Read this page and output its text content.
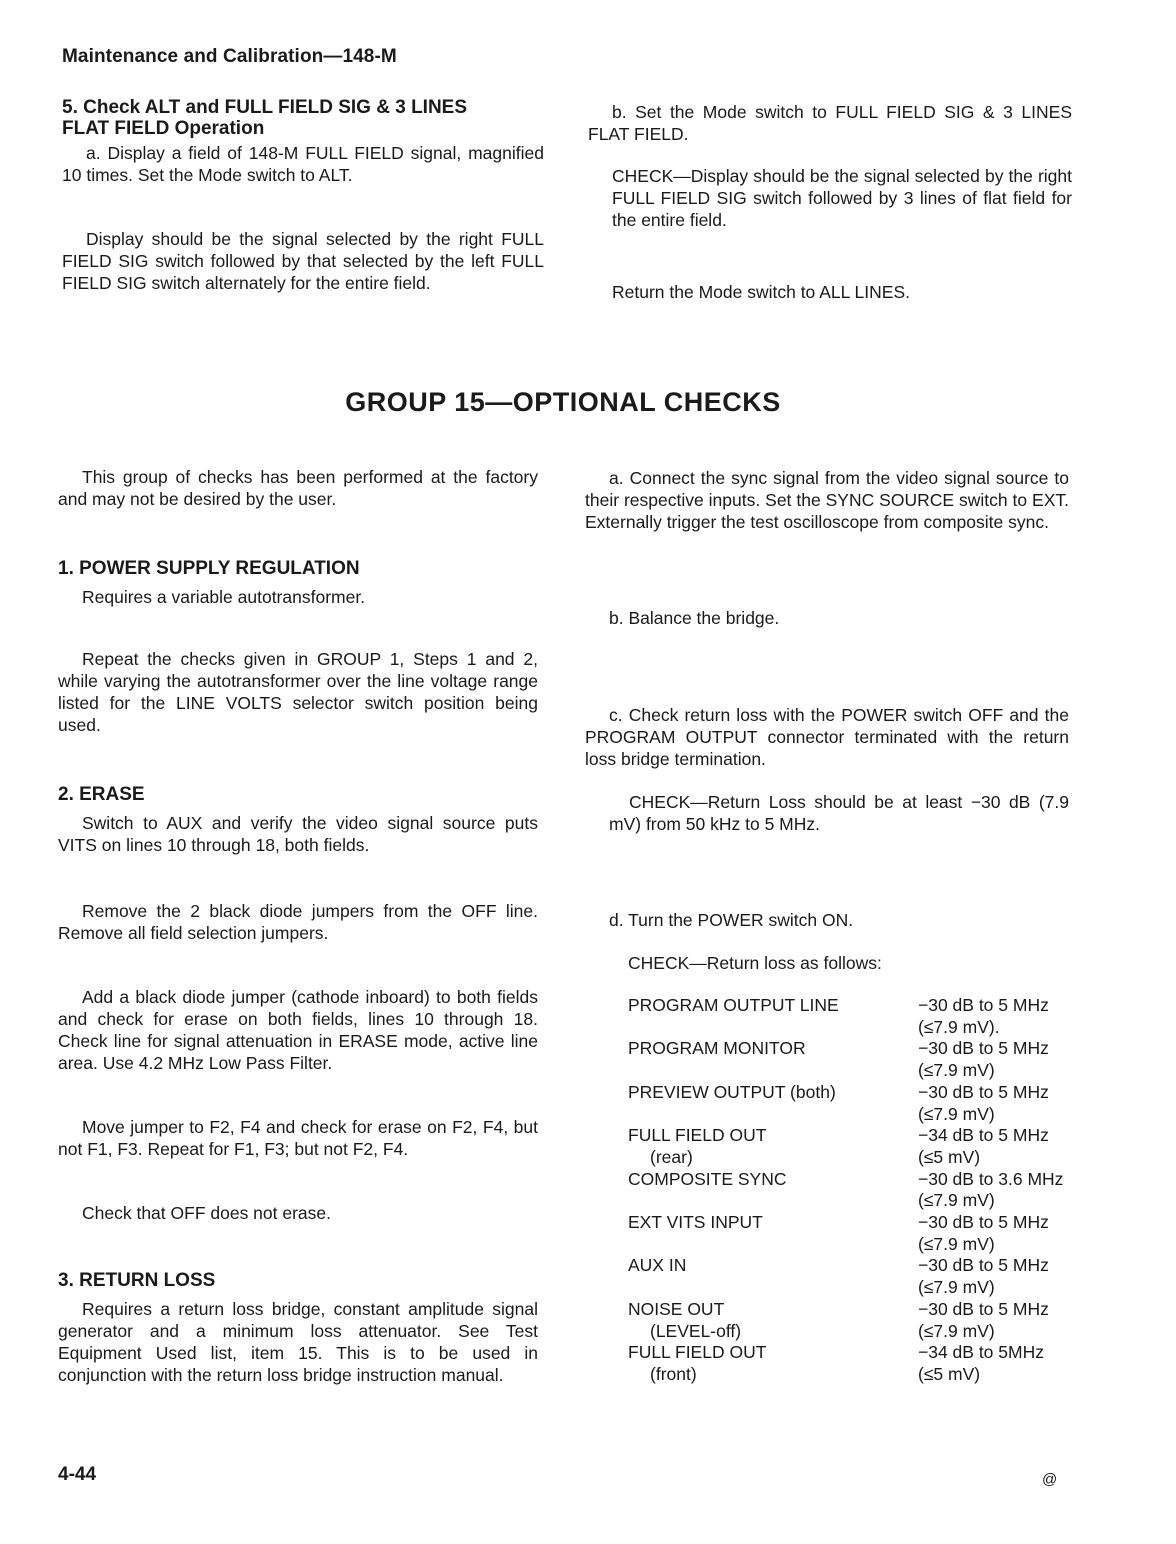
Maintenance and Calibration—148-M
5. Check ALT and FULL FIELD SIG & 3 LINES
FLAT FIELD Operation

a. Display a field of 148-M FULL FIELD signal, magnified 10 times. Set the Mode switch to ALT.

Display should be the signal selected by the right FULL FIELD SIG switch followed by that selected by the left FULL FIELD SIG switch alternately for the entire field.

b. Set the Mode switch to FULL FIELD SIG & 3 LINES FLAT FIELD.

CHECK—Display should be the signal selected by the right FULL FIELD SIG switch followed by 3 lines of flat field for the entire field.

Return the Mode switch to ALL LINES.

GROUP 15—OPTIONAL CHECKS

This group of checks has been performed at the factory and may not be desired by the user.

1. POWER SUPPLY REGULATION

Requires a variable autotransformer.

Repeat the checks given in GROUP 1, Steps 1 and 2, while varying the autotransformer over the line voltage range listed for the LINE VOLTS selector switch position being used.

2. ERASE

Switch to AUX and verify the video signal source puts VITS on lines 10 through 18, both fields.

Remove the 2 black diode jumpers from the OFF line. Remove all field selection jumpers.

Add a black diode jumper (cathode inboard) to both fields and check for erase on both fields, lines 10 through 18. Check line for signal attenuation in ERASE mode, active line area. Use 4.2 MHz Low Pass Filter.

Move jumper to F2, F4 and check for erase on F2, F4, but not F1, F3. Repeat for F1, F3; but not F2, F4.

Check that OFF does not erase.

3. RETURN LOSS

Requires a return loss bridge, constant amplitude signal generator and a minimum loss attenuator. See Test Equipment Used list, item 15. This is to be used in conjunction with the return loss bridge instruction manual.

a. Connect the sync signal from the video signal source to their respective inputs. Set the SYNC SOURCE switch to EXT. Externally trigger the test oscilloscope from composite sync.

b. Balance the bridge.

c. Check return loss with the POWER switch OFF and the PROGRAM OUTPUT connector terminated with the return loss bridge termination.

CHECK—Return Loss should be at least −30 dB (7.9 mV) from 50 kHz to 5 MHz.

d. Turn the POWER switch ON.

CHECK—Return loss as follows:

PROGRAM OUTPUT LINE	−30 dB to 5 MHz
	(≤7.9 mV).
PROGRAM MONITOR	−30 dB to 5 MHz
	(≤7.9 mV)
PREVIEW OUTPUT (both)	−30 dB to 5 MHz
	(≤7.9 mV)
FULL FIELD OUT	−34 dB to 5 MHz
(rear)	(≤5 mV)
COMPOSITE SYNC	−30 dB to 3.6 MHz
	(≤7.9 mV)
EXT VITS INPUT	−30 dB to 5 MHz
	(≤7.9 mV)
AUX IN	−30 dB to 5 MHz
	(≤7.9 mV)
NOISE OUT	−30 dB to 5 MHz
(LEVEL-off)	(≤7.9 mV)
FULL FIELD OUT	−34 dB to 5MHz
(front)	(≤5 mV)
4-44	@
